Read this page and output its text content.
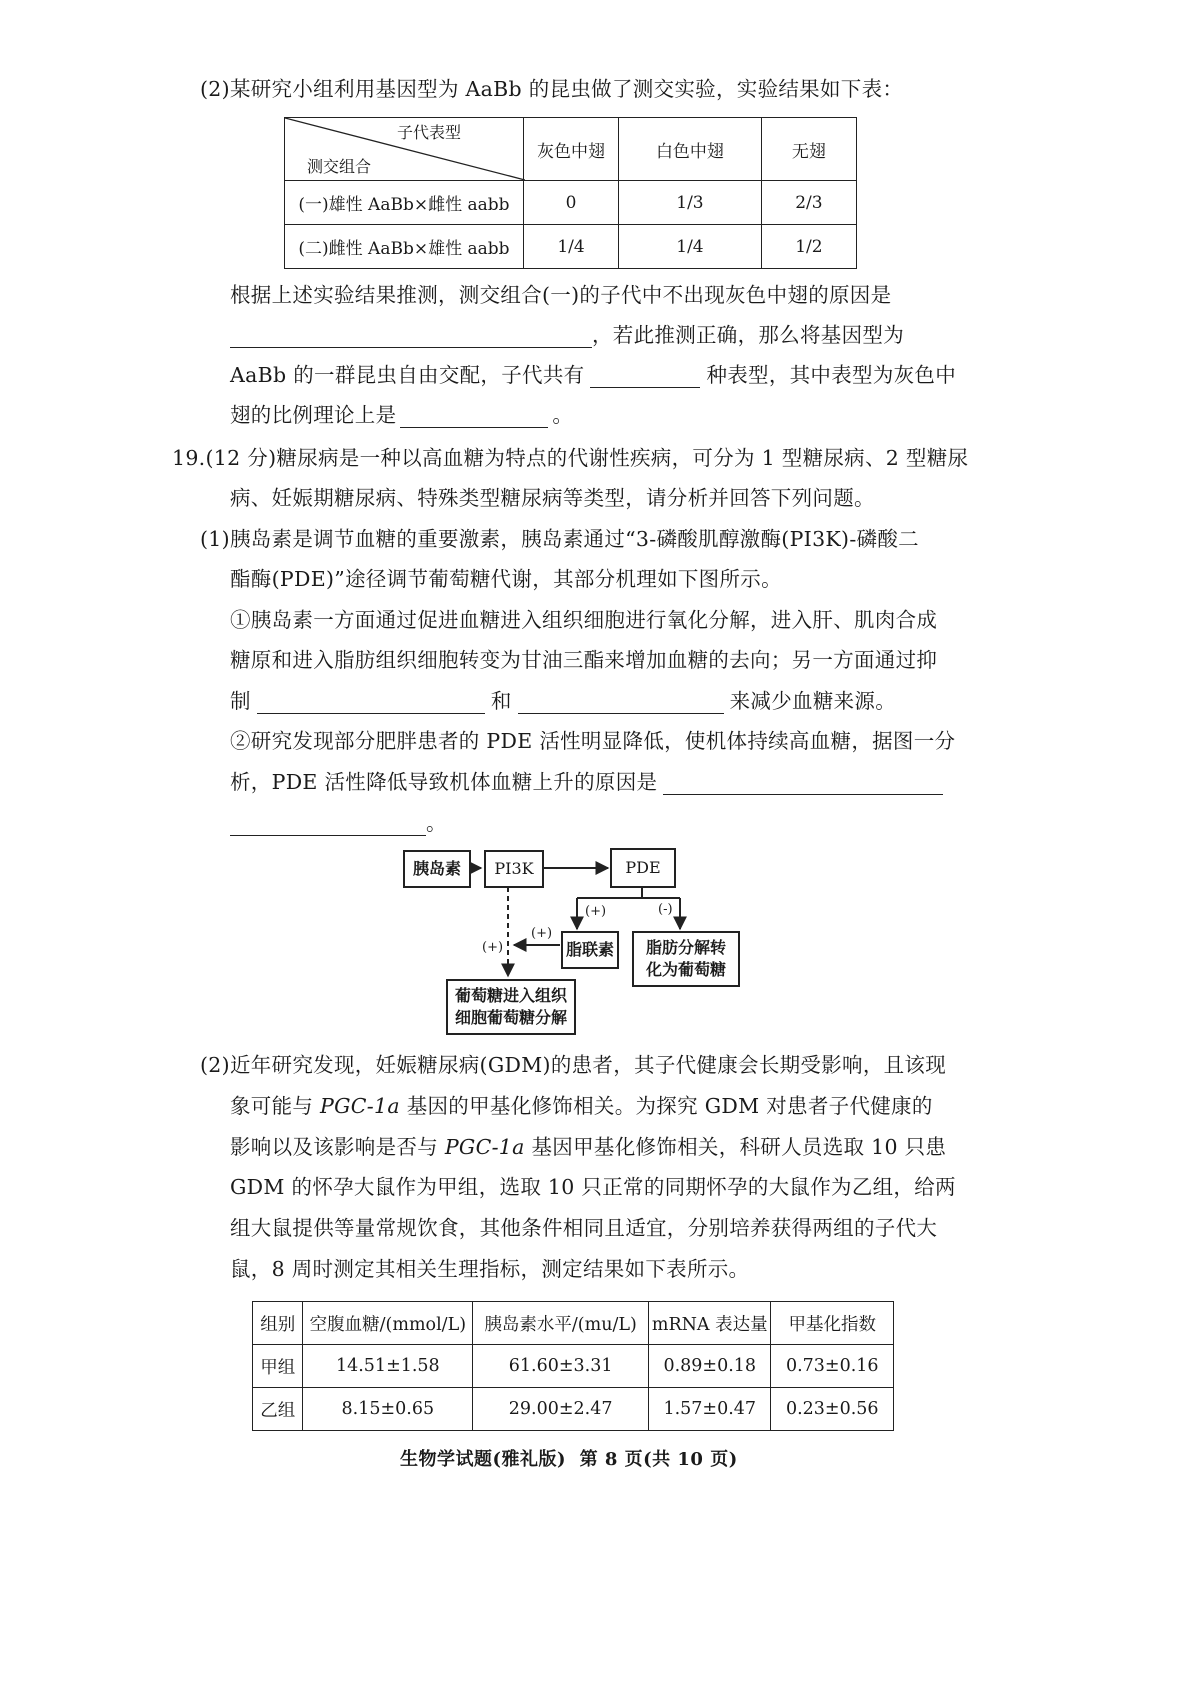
(2)某研究小组利用基因型为 AaBb 的昆虫做了测交实验，实验结果如下表：
子代表型
测交组合	灰色中翅	白色中翅	无翅
(一)雄性 AaBb×雌性 aabb	0	1/3	2/3
(二)雌性 AaBb×雄性 aabb	1/4	1/4	1/2
根据上述实验结果推测，测交组合(一)的子代中不出现灰色中翅的原因是
，若此推测正确，那么将基因型为
AaBb 的一群昆虫自由交配，子代共有	种表型，其中表型为灰色中
翅的比例理论上是	。
19.(12 分)糖尿病是一种以高血糖为特点的代谢性疾病，可分为 1 型糖尿病、2 型糖尿
病、妊娠期糖尿病、特殊类型糖尿病等类型，请分析并回答下列问题。
(1)胰岛素是调节血糖的重要激素，胰岛素通过“3-磷酸肌醇激酶(PI3K)-磷酸二
酯酶(PDE)”途径调节葡萄糖代谢，其部分机理如下图所示。
①胰岛素一方面通过促进血糖进入组织细胞进行氧化分解，进入肝、肌肉合成
糖原和进入脂肪组织细胞转变为甘油三酯来增加血糖的去向；另一方面通过抑
制	和	来减少血糖来源。
②研究发现部分肥胖患者的 PDE 活性明显降低，使机体持续高血糖，据图一分
析，PDE 活性降低导致机体血糖上升的原因是
。
胰岛素	PI3K	PDE
脂联素	脂肪分解转
化为葡萄糖
葡萄糖进入组织
细胞葡萄糖分解
(+)	(-)
(+)
(+)
(2)近年研究发现，妊娠糖尿病(GDM)的患者，其子代健康会长期受影响，且该现
象可能与 PGC-1a 基因的甲基化修饰相关。为探究 GDM 对患者子代健康的
影响以及该影响是否与 PGC-1a 基因甲基化修饰相关，科研人员选取 10 只患
GDM 的怀孕大鼠作为甲组，选取 10 只正常的同期怀孕的大鼠作为乙组，给两
组大鼠提供等量常规饮食，其他条件相同且适宜，分别培养获得两组的子代大
鼠，8 周时测定其相关生理指标，测定结果如下表所示。
组别	空腹血糖/(mmol/L)	胰岛素水平/(mu/L)	mRNA 表达量	甲基化指数
甲组	14.51±1.58	61.60±3.31	0.89±0.18	0.73±0.16
乙组	8.15±0.65	29.00±2.47	1.57±0.47	0.23±0.56
生物学试题(雅礼版)  第 8 页(共 10 页)
